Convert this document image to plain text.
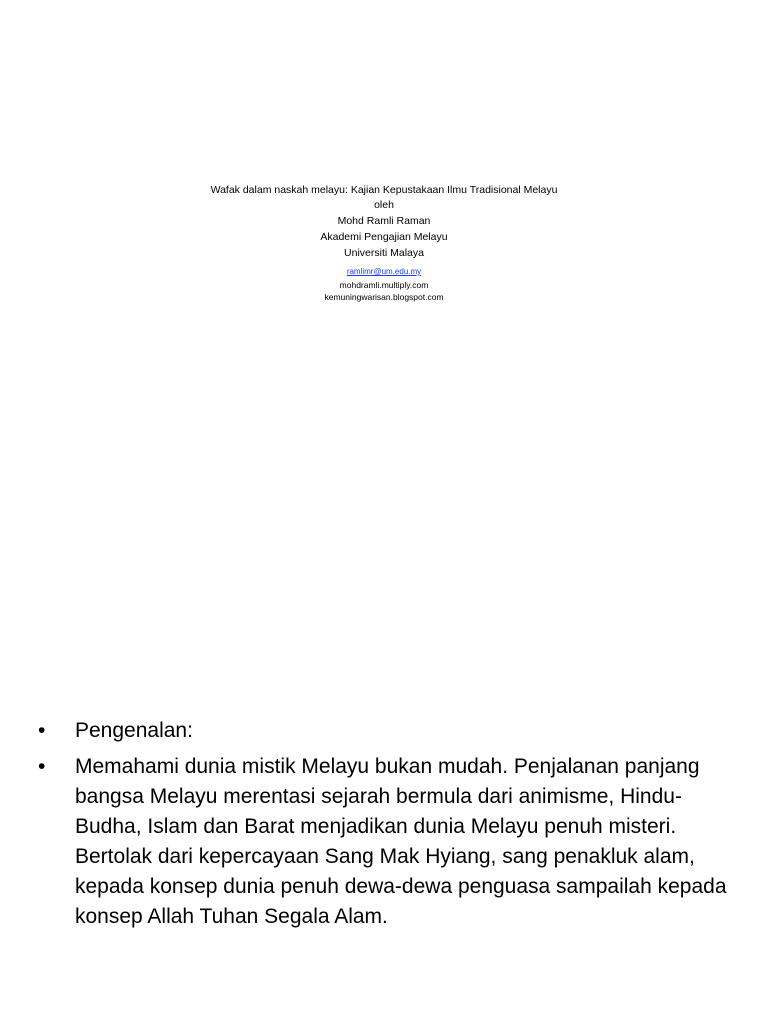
Wafak dalam naskah melayu: Kajian Kepustakaan Ilmu Tradisional Melayu
oleh
Mohd Ramli Raman
Akademi Pengajian Melayu
Universiti Malaya
ramlimr@um.edu.my
mohdramli.multiply.com
kemuningwarisan.blogspot.com
• Pengenalan:
• Memahami dunia mistik Melayu bukan mudah. Penjalanan panjang bangsa Melayu merentasi sejarah bermula dari animisme, Hindu-Budha, Islam dan Barat menjadikan dunia Melayu penuh misteri. Bertolak dari kepercayaan Sang Mak Hyiang, sang penakluk alam, kepada konsep dunia penuh dewa-dewa penguasa sampailah kepada konsep Allah Tuhan Segala Alam.
